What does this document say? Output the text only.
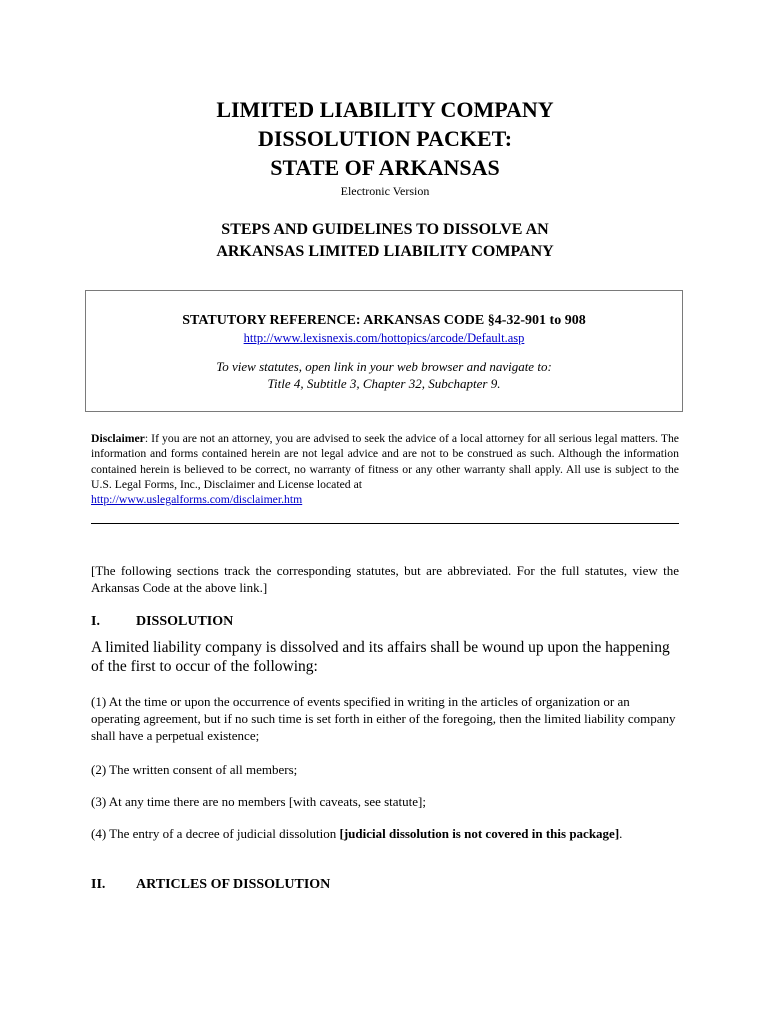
LIMITED LIABILITY COMPANY
DISSOLUTION PACKET:
STATE OF ARKANSAS
Electronic Version
STEPS AND GUIDELINES TO DISSOLVE AN
ARKANSAS LIMITED LIABILITY COMPANY
STATUTORY REFERENCE: ARKANSAS CODE §4-32-901 to 908
http://www.lexisnexis.com/hottopics/arcode/Default.asp
To view statutes, open link in your web browser and navigate to:
Title 4, Subtitle 3, Chapter 32, Subchapter 9.
Disclaimer: If you are not an attorney, you are advised to seek the advice of a local attorney for all serious legal matters. The information and forms contained herein are not legal advice and are not to be construed as such. Although the information contained herein is believed to be correct, no warranty of fitness or any other warranty shall apply. All use is subject to the U.S. Legal Forms, Inc., Disclaimer and License located at
http://www.uslegalforms.com/disclaimer.htm
[The following sections track the corresponding statutes, but are abbreviated. For the full statutes, view the Arkansas Code at the above link.]
I.	DISSOLUTION
A limited liability company is dissolved and its affairs shall be wound up upon the happening of the first to occur of the following:
(1) At the time or upon the occurrence of events specified in writing in the articles of organization or an operating agreement, but if no such time is set forth in either of the foregoing, then the limited liability company shall have a perpetual existence;
(2) The written consent of all members;
(3) At any time there are no members [with caveats, see statute];
(4) The entry of a decree of judicial dissolution [judicial dissolution is not covered in this package].
II. ARTICLES OF DISSOLUTION
